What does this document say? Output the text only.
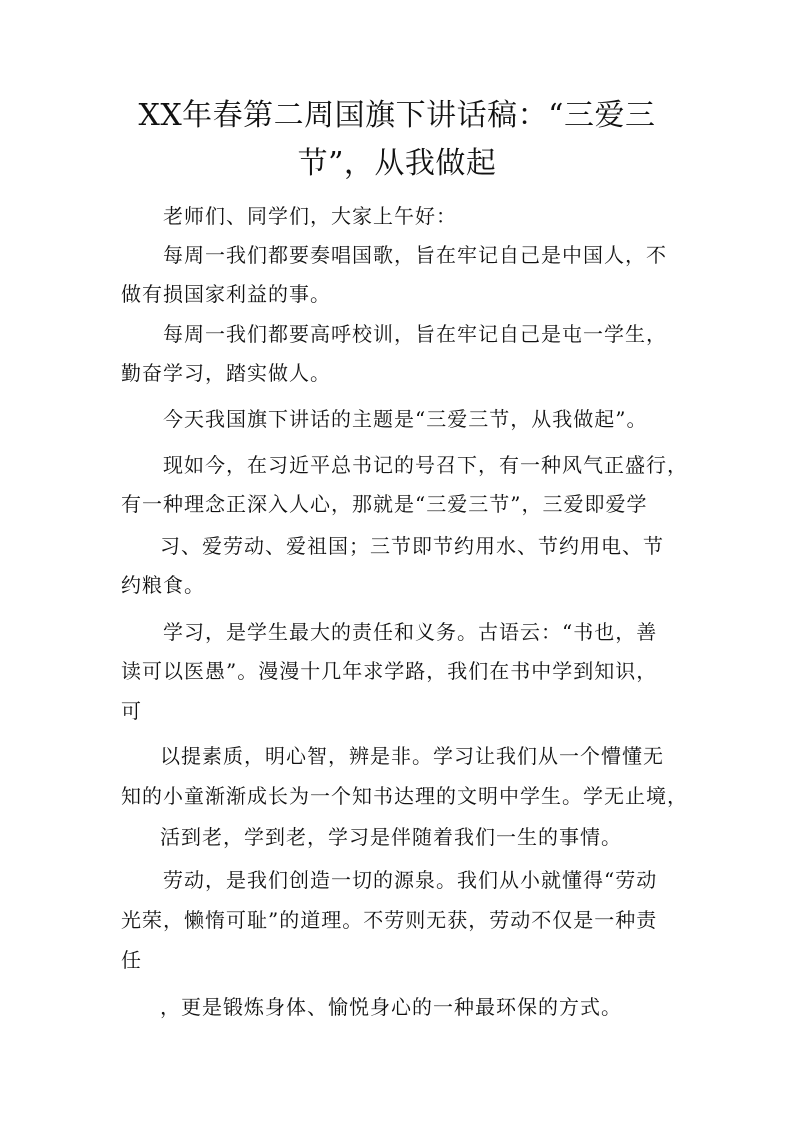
XX年春第二周国旗下讲话稿：“三爱三
节”，从我做起
老师们、同学们，大家上午好：
每周一我们都要奏唱国歌，旨在牢记自己是中国人，不
做有损国家利益的事。
每周一我们都要高呼校训，旨在牢记自己是屯一学生，
勤奋学习，踏实做人。
今天我国旗下讲话的主题是“三爱三节，从我做起”。
现如今，在习近平总书记的号召下，有一种风气正盛行，
有一种理念正深入人心，那就是“三爱三节”，三爱即爱学
习、爱劳动、爱祖国；三节即节约用水、节约用电、节
约粮食。
学习，是学生最大的责任和义务。古语云：“书也，善
读可以医愚”。漫漫十几年求学路，我们在书中学到知识，
可
以提素质，明心智，辨是非。学习让我们从一个懵懂无
知的小童渐渐成长为一个知书达理的文明中学生。学无止境，
活到老，学到老，学习是伴随着我们一生的事情。
劳动，是我们创造一切的源泉。我们从小就懂得“劳动
光荣，懒惰可耻”的道理。不劳则无获，劳动不仅是一种责
任
，更是锻炼身体、愉悦身心的一种最环保的方式。
